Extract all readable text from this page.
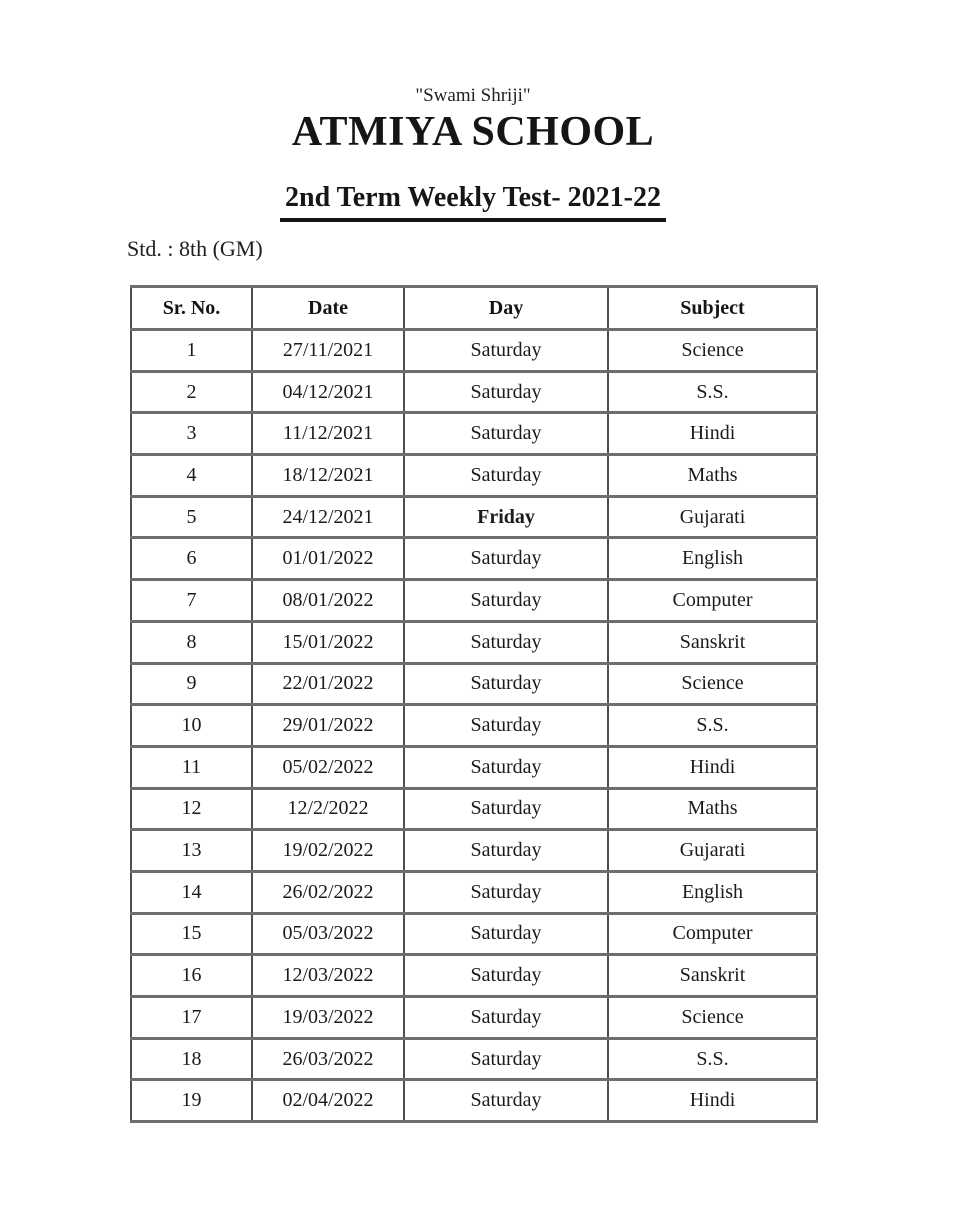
"Swami Shriji"
ATMIYA SCHOOL
2nd Term Weekly Test- 2021-22
Std. : 8th (GM)
Sr. No.	Date	Day	Subject
1	27/11/2021	Saturday	Science
2	04/12/2021	Saturday	S.S.
3	11/12/2021	Saturday	Hindi
4	18/12/2021	Saturday	Maths
5	24/12/2021	Friday	Gujarati
6	01/01/2022	Saturday	English
7	08/01/2022	Saturday	Computer
8	15/01/2022	Saturday	Sanskrit
9	22/01/2022	Saturday	Science
10	29/01/2022	Saturday	S.S.
11	05/02/2022	Saturday	Hindi
12	12/2/2022	Saturday	Maths
13	19/02/2022	Saturday	Gujarati
14	26/02/2022	Saturday	English
15	05/03/2022	Saturday	Computer
16	12/03/2022	Saturday	Sanskrit
17	19/03/2022	Saturday	Science
18	26/03/2022	Saturday	S.S.
19	02/04/2022	Saturday	Hindi
